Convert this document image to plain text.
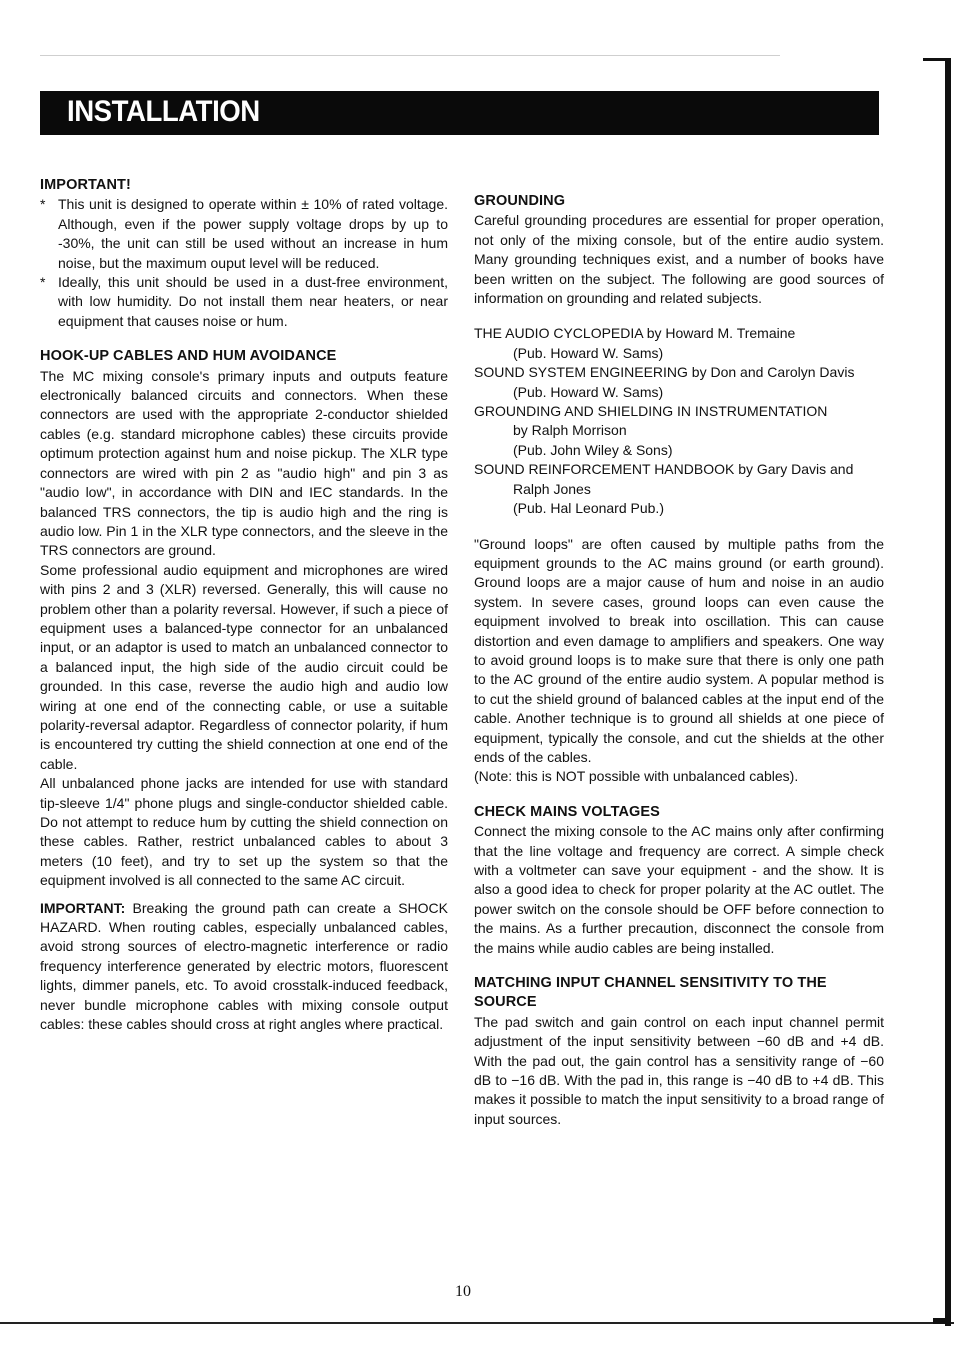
INSTALLATION
IMPORTANT!
* This unit is designed to operate within ± 10% of rated voltage. Although, even if the power supply voltage drops by up to -30%, the unit can still be used without an increase in hum noise, but the maximum ouput level will be reduced.

* Ideally, this unit should be used in a dust-free environment, with low humidity. Do not install them near heaters, or near equipment that causes noise or hum.

HOOK-UP CABLES AND HUM AVOIDANCE

The MC mixing console's primary inputs and outputs feature electronically balanced circuits and connectors. When these connectors are used with the appropriate 2-conductor shielded cables (e.g. standard microphone cables) these circuits provide optimum protection against hum and noise pickup. The XLR type connectors are wired with pin 2 as "audio high" and pin 3 as "audio low", in accordance with DIN and IEC standards. In the balanced TRS connectors, the tip is audio high and the ring is audio low. Pin 1 in the XLR type connectors, and the sleeve in the TRS connectors are ground.

Some professional audio equipment and microphones are wired with pins 2 and 3 (XLR) reversed. Generally, this will cause no problem other than a polarity reversal. However, if such a piece of equipment uses a balanced-type connector for an unbalanced input, or an adaptor is used to match an unbalanced connector to a balanced input, the high side of the audio circuit could be grounded. In this case, reverse the audio high and audio low wiring at one end of the connecting cable, or use a suitable polarity-reversal adaptor. Regardless of connector polarity, if hum is encountered try cutting the shield connection at one end of the cable.

All unbalanced phone jacks are intended for use with standard tip-sleeve 1/4" phone plugs and single-conductor shielded cable. Do not attempt to reduce hum by cutting the shield connection on these cables. Rather, restrict unbalanced cables to about 3 meters (10 feet), and try to set up the system so that the equipment involved is all connected to the same AC circuit.

IMPORTANT: Breaking the ground path can create a SHOCK HAZARD. When routing cables, especially unbalanced cables, avoid strong sources of electro-magnetic interference or radio frequency interference generated by electric motors, fluorescent lights, dimmer panels, etc. To avoid crosstalk-induced feedback, never bundle microphone cables with mixing console output cables: these cables should cross at right angles where practical.

GROUNDING

Careful grounding procedures are essential for proper operation, not only of the mixing console, but of the entire audio system. Many grounding techniques exist, and a number of books have been written on the subject. The following are good sources of information on grounding and related subjects.

THE AUDIO CYCLOPEDIA by Howard M. Tremaine
(Pub. Howard W. Sams)
SOUND SYSTEM ENGINEERING by Don and Carolyn Davis
(Pub. Howard W. Sams)
GROUNDING AND SHIELDING IN INSTRUMENTATION
by Ralph Morrison
(Pub. John Wiley & Sons)
SOUND REINFORCEMENT HANDBOOK by Gary Davis and
Ralph Jones
(Pub. Hal Leonard Pub.)

"Ground loops" are often caused by multiple paths from the equipment grounds to the AC mains ground (or earth ground). Ground loops are a major cause of hum and noise in an audio system. In severe cases, ground loops can even cause the equipment involved to break into oscillation. This can cause distortion and even damage to amplifiers and speakers. One way to avoid ground loops is to make sure that there is only one path to the AC ground of the entire audio system. A popular method is to cut the shield ground of balanced cables at the input end of the cable. Another technique is to ground all shields at one piece of equipment, typically the console, and cut the shields at the other ends of the cables.

(Note: this is NOT possible with unbalanced cables).

CHECK MAINS VOLTAGES

Connect the mixing console to the AC mains only after confirming that the line voltage and frequency are correct. A simple check with a voltmeter can save your equipment - and the show. It is also a good idea to check for proper polarity at the AC outlet. The power switch on the console should be OFF before connection to the mains. As a further precaution, disconnect the console from the mains while audio cables are being installed.

MATCHING INPUT CHANNEL SENSITIVITY TO THE SOURCE

The pad switch and gain control on each input channel permit adjustment of the input sensitivity between −60 dB and +4 dB. With the pad out, the gain control has a sensitivity range of −60 dB to −16 dB. With the pad in, this range is −40 dB to +4 dB. This makes it possible to match the input sensitivity to a broad range of input sources.

10
